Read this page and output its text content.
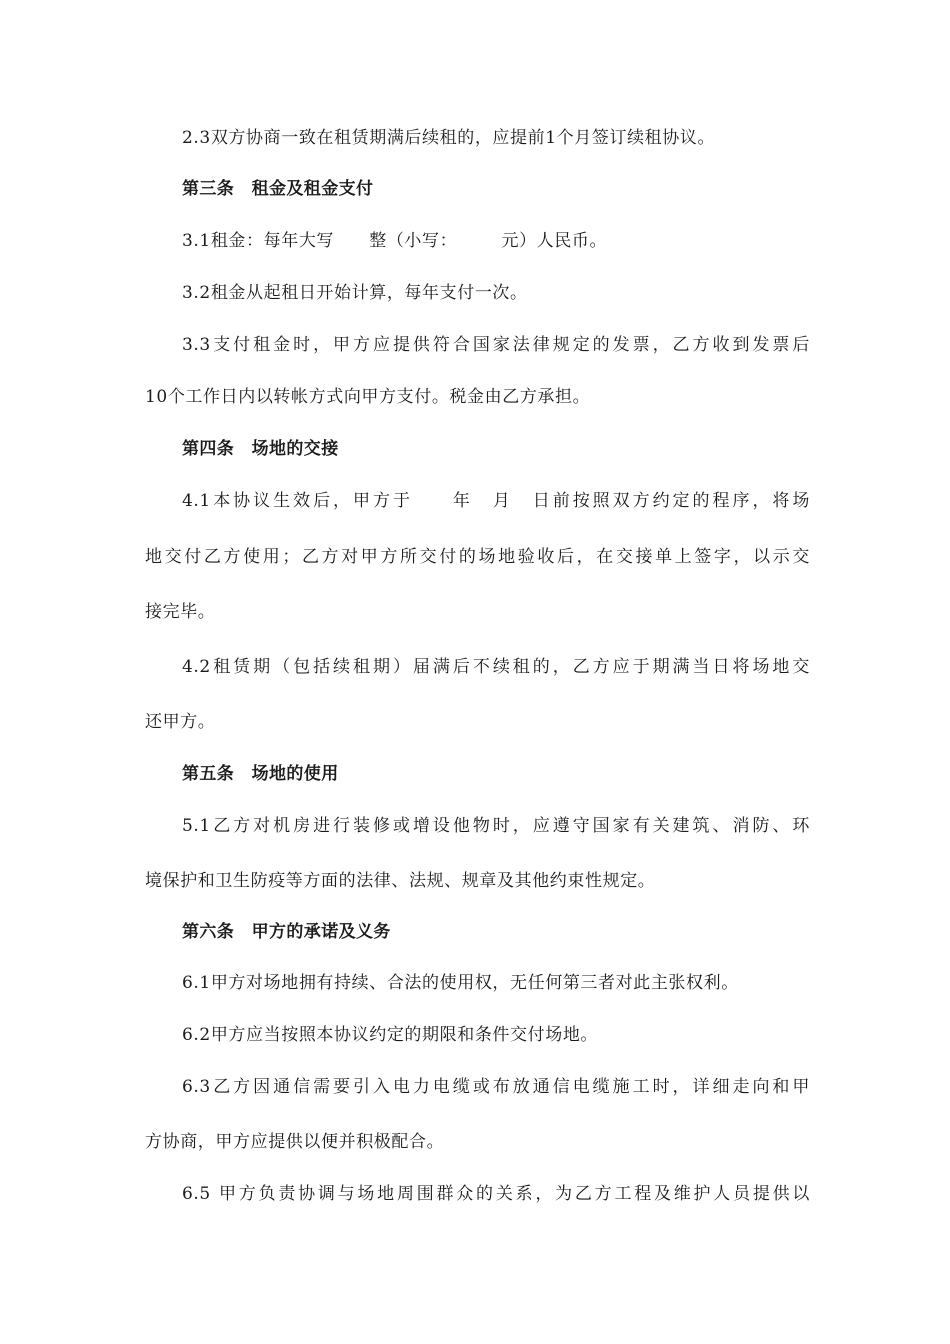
2.3双方协商一致在租赁期满后续租的，应提前1个月签订续租协议。
第三条　租金及租金支付
3.1租金：每年大写　　整（小写：　　　元）人民币。
3.2租金从起租日开始计算，每年支付一次。
3.3支付租金时，甲方应提供符合国家法律规定的发票，乙方收到发票后
10个工作日内以转帐方式向甲方支付。税金由乙方承担。
第四条　场地的交接
4.1本协议生效后，甲方于　　年　月　日前按照双方约定的程序，将场
地交付乙方使用；乙方对甲方所交付的场地验收后，在交接单上签字，以示交
接完毕。
4.2租赁期（包括续租期）届满后不续租的，乙方应于期满当日将场地交
还甲方。
第五条　场地的使用
5.1乙方对机房进行装修或增设他物时，应遵守国家有关建筑、消防、环
境保护和卫生防疫等方面的法律、法规、规章及其他约束性规定。
第六条　甲方的承诺及义务
6.1甲方对场地拥有持续、合法的使用权，无任何第三者对此主张权利。
6.2甲方应当按照本协议约定的期限和条件交付场地。
6.3乙方因通信需要引入电力电缆或布放通信电缆施工时，详细走向和甲
方协商，甲方应提供以便并积极配合。
6.5 甲方负责协调与场地周围群众的关系，为乙方工程及维护人员提供以
